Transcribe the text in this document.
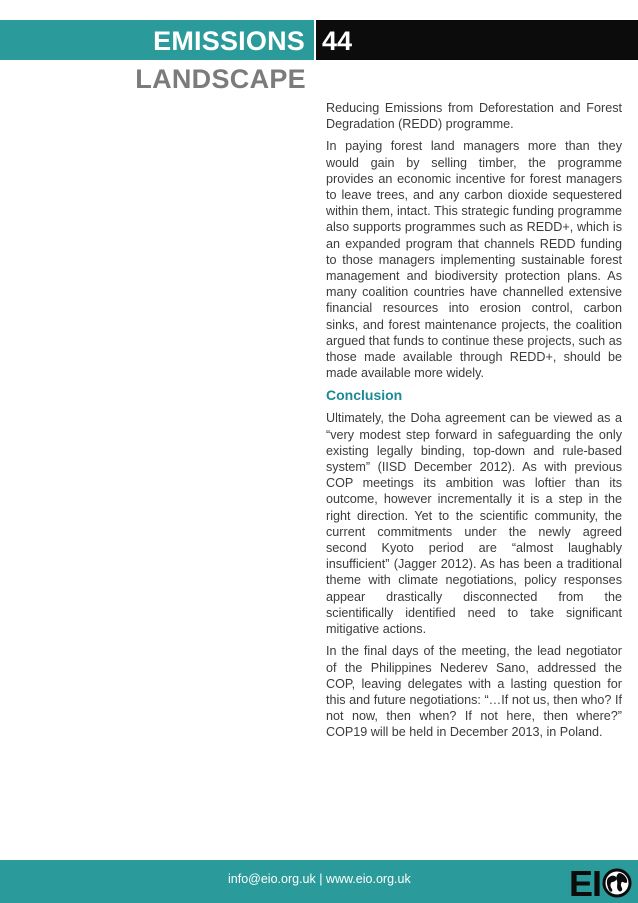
EMISSIONS 44
LANDSCAPE

Reducing Emissions from Deforestation and Forest Degradation (REDD) programme.

In paying forest land managers more than they would gain by selling timber, the programme provides an economic incentive for forest managers to leave trees, and any carbon dioxide sequestered within them, intact. This strategic funding programme also supports programmes such as REDD+, which is an expanded program that channels REDD funding to those managers implementing sustainable forest management and biodiversity protection plans. As many coalition countries have channelled extensive financial resources into erosion control, carbon sinks, and forest maintenance projects, the coalition argued that funds to continue these projects, such as those made available through REDD+, should be made available more widely.

Conclusion

Ultimately, the Doha agreement can be viewed as a “very modest step forward in safeguarding the only existing legally binding, top-down and rule-based system” (IISD December 2012). As with previous COP meetings its ambition was loftier than its outcome, however incrementally it is a step in the right direction. Yet to the scientific community, the current commitments under the newly agreed second Kyoto period are “almost laughably insufficient” (Jagger 2012). As has been a traditional theme with climate negotiations, policy responses appear drastically disconnected from the scientifically identified need to take significant mitigative actions.

In the final days of the meeting, the lead negotiator of the Philippines Nederev Sano, addressed the COP, leaving delegates with a lasting question for this and future negotiations: “…If not us, then who? If not now, then when? If not here, then where?” COP19 will be held in December 2013, in Poland.

info@eio.org.uk | www.eio.org.uk	EI
